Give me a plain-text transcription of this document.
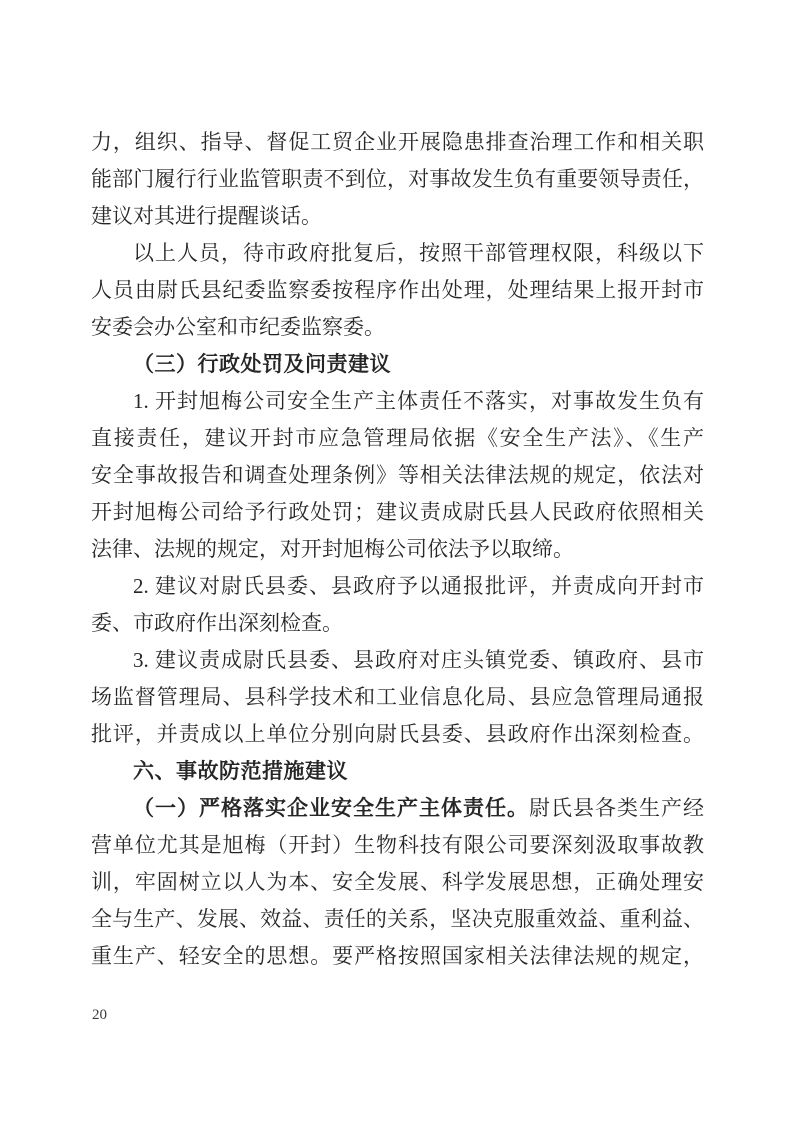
力，组织、指导、督促工贸企业开展隐患排查治理工作和相关职
能部门履行行业监管职责不到位，对事故发生负有重要领导责任，
建议对其进行提醒谈话。
以上人员，待市政府批复后，按照干部管理权限，科级以下
人员由尉氏县纪委监察委按程序作出处理，处理结果上报开封市
安委会办公室和市纪委监察委。
（三）行政处罚及问责建议
1. 开封旭梅公司安全生产主体责任不落实，对事故发生负有
直接责任，建议开封市应急管理局依据《安全生产法》、《生产
安全事故报告和调查处理条例》等相关法律法规的规定，依法对
开封旭梅公司给予行政处罚；建议责成尉氏县人民政府依照相关
法律、法规的规定，对开封旭梅公司依法予以取缔。
2. 建议对尉氏县委、县政府予以通报批评，并责成向开封市
委、市政府作出深刻检查。
3. 建议责成尉氏县委、县政府对庄头镇党委、镇政府、县市
场监督管理局、县科学技术和工业信息化局、县应急管理局通报
批评，并责成以上单位分别向尉氏县委、县政府作出深刻检查。
六、事故防范措施建议
（一）严格落实企业安全生产主体责任。尉氏县各类生产经
营单位尤其是旭梅（开封）生物科技有限公司要深刻汲取事故教
训，牢固树立以人为本、安全发展、科学发展思想，正确处理安
全与生产、发展、效益、责任的关系，坚决克服重效益、重利益、
重生产、轻安全的思想。要严格按照国家相关法律法规的规定，
20
